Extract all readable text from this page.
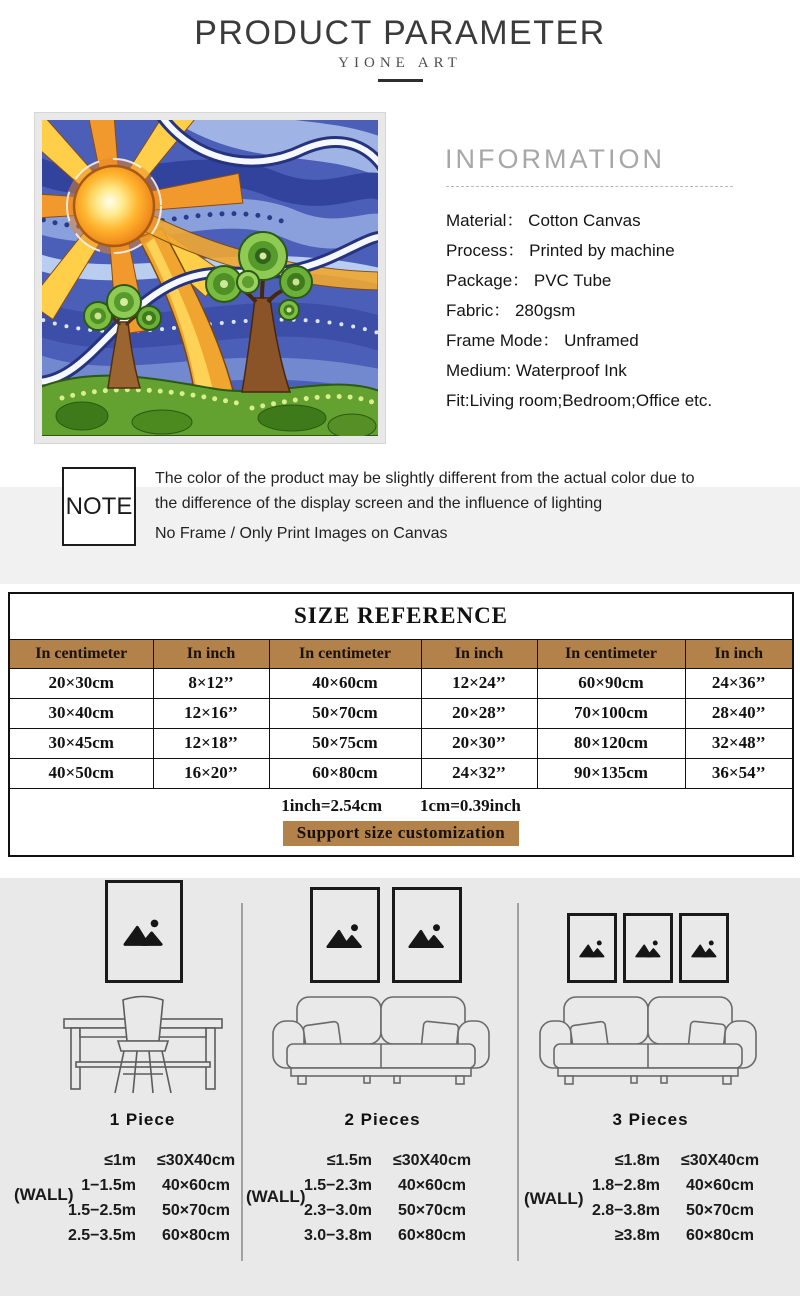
PRODUCT PARAMETER
YIONE ART
INFORMATION
Material： Cotton Canvas
Process： Printed by machine
Package： PVC Tube
Fabric： 280gsm
Frame Mode： Unframed
Medium: Waterproof Ink
Fit:Living room;Bedroom;Office etc.
NOTE
The color of the product may be slightly different from the actual color due to
the difference of the display screen and the influence of lighting
No Frame / Only Print Images on Canvas
SIZE REFERENCE					
In centimeter	In inch	In centimeter	In inch	In centimeter	In inch
20×30cm	8×12’’	40×60cm	12×24’’	60×90cm	24×36’’
30×40cm	12×16’’	50×70cm	20×28’’	70×100cm	28×40’’
30×45cm	12×18’’	50×75cm	20×30’’	80×120cm	32×48’’
40×50cm	16×20’’	60×80cm	24×32’’	90×135cm	36×54’’

1inch=2.54cm 1cm=0.39inch
Support size customization					
1 Piece	2 Pieces	3 Pieces
(WALL)	(WALL)	(WALL)
≤1m	≤30X40cm
1−1.5m	40×60cm
1.5−2.5m	50×70cm
2.5−3.5m	60×80cm
≤1.5m	≤30X40cm
1.5−2.3m	40×60cm
2.3−3.0m	50×70cm
3.0−3.8m	60×80cm
≤1.8m	≤30X40cm
1.8−2.8m	40×60cm
2.8−3.8m	50×70cm
≥3.8m	60×80cm
